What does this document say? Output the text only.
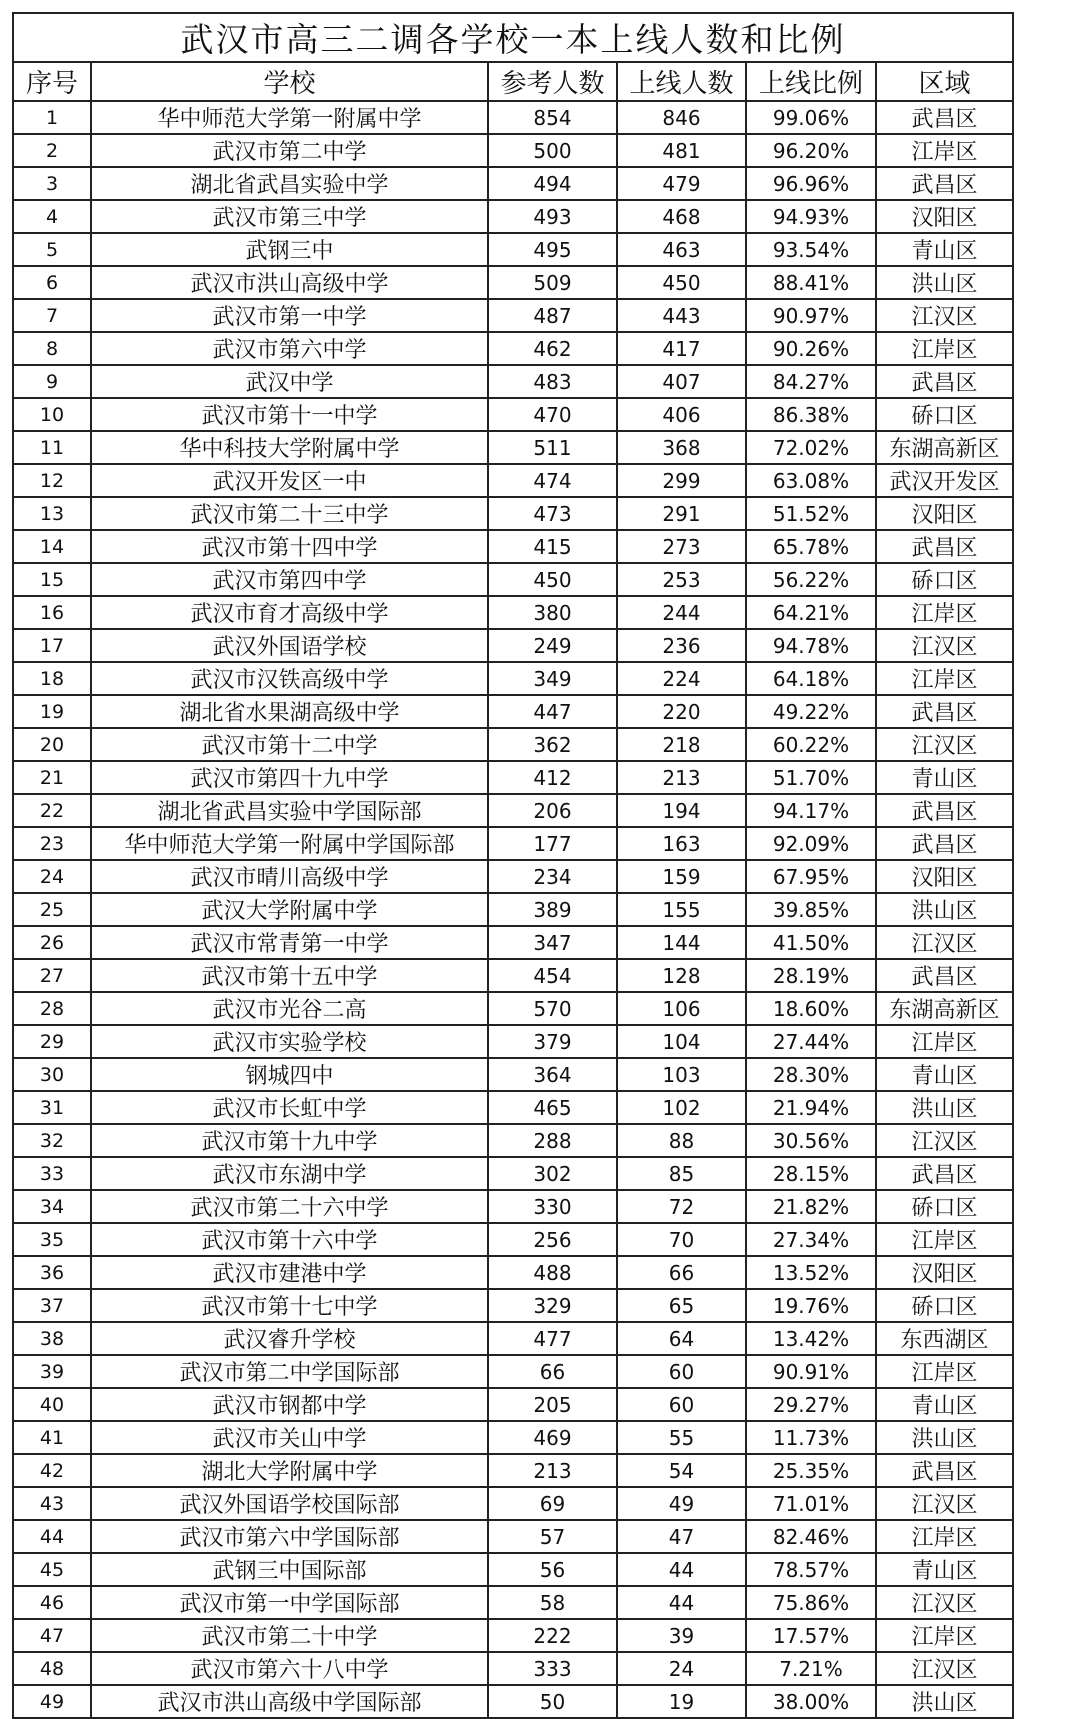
武汉市高三二调各学校一本上线人数和比例					
序号	学校	参考人数	上线人数	上线比例	区域
1	华中师范大学第一附属中学	854	846	99.06%	武昌区
2	武汉市第二中学	500	481	96.20%	江岸区
3	湖北省武昌实验中学	494	479	96.96%	武昌区
4	武汉市第三中学	493	468	94.93%	汉阳区
5	武钢三中	495	463	93.54%	青山区
6	武汉市洪山高级中学	509	450	88.41%	洪山区
7	武汉市第一中学	487	443	90.97%	江汉区
8	武汉市第六中学	462	417	90.26%	江岸区
9	武汉中学	483	407	84.27%	武昌区
10	武汉市第十一中学	470	406	86.38%	硚口区
11	华中科技大学附属中学	511	368	72.02%	东湖高新区
12	武汉开发区一中	474	299	63.08%	武汉开发区
13	武汉市第二十三中学	473	291	51.52%	汉阳区
14	武汉市第十四中学	415	273	65.78%	武昌区
15	武汉市第四中学	450	253	56.22%	硚口区
16	武汉市育才高级中学	380	244	64.21%	江岸区
17	武汉外国语学校	249	236	94.78%	江汉区
18	武汉市汉铁高级中学	349	224	64.18%	江岸区
19	湖北省水果湖高级中学	447	220	49.22%	武昌区
20	武汉市第十二中学	362	218	60.22%	江汉区
21	武汉市第四十九中学	412	213	51.70%	青山区
22	湖北省武昌实验中学国际部	206	194	94.17%	武昌区
23	华中师范大学第一附属中学国际部	177	163	92.09%	武昌区
24	武汉市晴川高级中学	234	159	67.95%	汉阳区
25	武汉大学附属中学	389	155	39.85%	洪山区
26	武汉市常青第一中学	347	144	41.50%	江汉区
27	武汉市第十五中学	454	128	28.19%	武昌区
28	武汉市光谷二高	570	106	18.60%	东湖高新区
29	武汉市实验学校	379	104	27.44%	江岸区
30	钢城四中	364	103	28.30%	青山区
31	武汉市长虹中学	465	102	21.94%	洪山区
32	武汉市第十九中学	288	88	30.56%	江汉区
33	武汉市东湖中学	302	85	28.15%	武昌区
34	武汉市第二十六中学	330	72	21.82%	硚口区
35	武汉市第十六中学	256	70	27.34%	江岸区
36	武汉市建港中学	488	66	13.52%	汉阳区
37	武汉市第十七中学	329	65	19.76%	硚口区
38	武汉睿升学校	477	64	13.42%	东西湖区
39	武汉市第二中学国际部	66	60	90.91%	江岸区
40	武汉市钢都中学	205	60	29.27%	青山区
41	武汉市关山中学	469	55	11.73%	洪山区
42	湖北大学附属中学	213	54	25.35%	武昌区
43	武汉外国语学校国际部	69	49	71.01%	江汉区
44	武汉市第六中学国际部	57	47	82.46%	江岸区
45	武钢三中国际部	56	44	78.57%	青山区
46	武汉市第一中学国际部	58	44	75.86%	江汉区
47	武汉市第二十中学	222	39	17.57%	江岸区
48	武汉市第六十八中学	333	24	7.21%	江汉区
49	武汉市洪山高级中学国际部	50	19	38.00%	洪山区
